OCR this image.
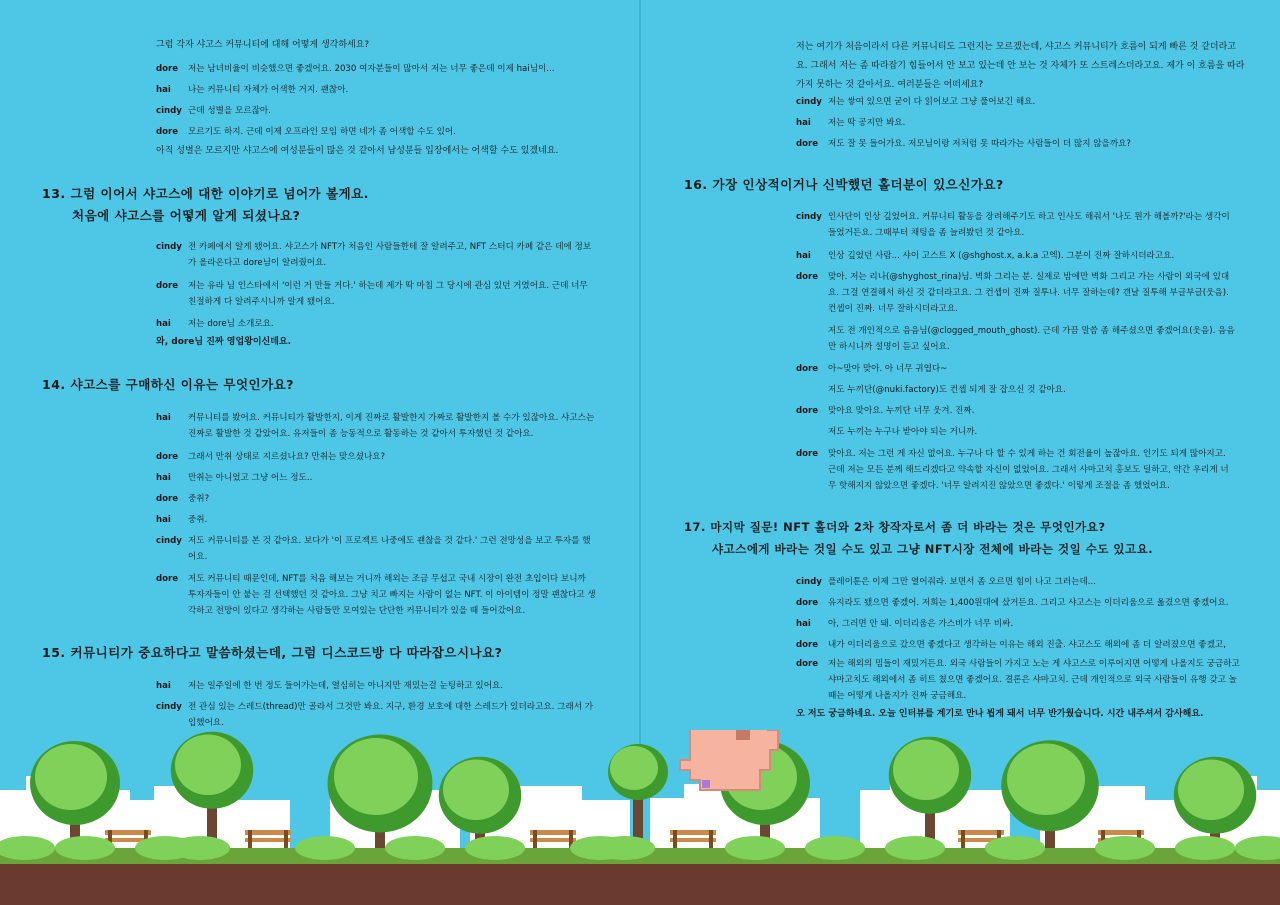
그럼 각자 샤고스 커뮤니티에 대해 어떻게 생각하세요?
dore	저는 남녀비율이 비슷했으면 좋겠어요. 2030 여자분들이 많아서 저는 너무 좋은데 이제 hai님이...
hai	나는 커뮤니티 자체가 어색한 거지. 괜찮아.
cindy 근데 성별을 모르잖아.
dore	모르기도 하지. 근데 이제 오프라인 모임 하면 네가 좀 어색할 수도 있어.
아직 성별은 모르지만 샤고스에 여성분들이 많은 것 같아서 남성분들 입장에서는 어색할 수도 있겠네요.
13. 그럼 이어서 샤고스에 대한 이야기로 넘어가 볼게요.
처음에 샤고스를 어떻게 알게 되셨나요?
cindy 전 카페에서 알게 됐어요. 샤고스가 NFT가 처음인 사람들한테 잘 알려주고, NFT 스터디 카페 같은 데에 정보가 올라온다고 dore님이 알려줬어요.
dore	저는 유라 님 인스타에서 '이런 거 만들 거다.' 하는데 제가 딱 마침 그 당시에 관심 있던 거였어요. 근데 너무 친절하게 다 알려주시니까 알게 됐어요.
hai	저는 dore님 소개로요.
와, dore님 진짜 영업왕이신데요.
14. 샤고스를 구매하신 이유는 무엇인가요?
hai	커뮤니티를 봤어요. 커뮤니티가 활발한지, 이게 진짜로 활발한지 가짜로 활발한지 볼 수가 있잖아요. 샤고스는 진짜로 활발한 것 같았어요. 유저들이 좀 능동적으로 활동하는 것 같아서 투자했던 것 같아요.
dore	그래서 만취 상태로 지르셨나요? 만취는 맞으셨나요?
hai	만취는 아니었고 그냥 어느 정도..
dore	중취?
hai	중취.
cindy 저도 커뮤니티를 본 것 같아요. 보다가 '이 프로젝트 나중에도 괜찮을 것 같다.' 그런 전망성을 보고 투자를 했어요.
dore	저도 커뮤니티 때문인데, NFT를 처음 해보는 거니까 해외는 조금 무섭고 국내 시장이 완전 초입이다 보니까 투자자들이 안 붙는 걸 선택했던 것 같아요. 그냥 치고 빠지는 사람이 없는 NFT. 이 아이템이 정말 괜찮다고 생각하고 전망이 있다고 생각하는 사람들만 모여있는 단단한 커뮤니티가 있을 때 들어갔어요.
15. 커뮤니티가 중요하다고 말씀하셨는데, 그럼 디스코드방 다 따라잡으시나요?
hai	저는 일주일에 한 번 정도 들어가는데, 열심히는 아니지만 재밌는걸 눈팅하고 있어요.
cindy 전 관심 있는 스레드(thread)만 골라서 그것만 봐요. 지구, 환경 보호에 대한 스레드가 있더라고요. 그래서 가입했어요.
저는 여기가 처음이라서 다른 커뮤니티도 그런지는 모르겠는데, 샤고스 커뮤니티가 흐름이 되게 빠른 것 같더라고요. 그래서 저는 좀 따라잡기 힘들어서 안 보고 있는데 안 보는 것 자체가 또 스트레스더라고요. 제가 이 흐름을 따라가지 못하는 것 같아서요. 여러분들은 어떠세요?
cindy 저는 쌓여 있으면 굳이 다 읽어보고 그냥 풀어보긴 해요.
hai	저는 딱 공지만 봐요.
dore	저도 잘 못 들어가요. 저모님이랑 저처럼 못 따라가는 사람들이 더 많지 않을까요?
16. 가장 인상적이거나 신박했던 홀더분이 있으신가요?
cindy 인사단이 인상 깊었어요. 커뮤니티 활동을 장려해주기도 하고 인사도 해줘서 '나도 뭔가 해볼까?'라는 생각이 들었거든요. 그때부터 채팅을 좀 늘려봤던 것 같아요.
hai	인상 깊었던 사람... 샤이 고스트 X (@shghost.x, a.k.a 고엑). 그분이 진짜 잘하시더라고요.
dore	맞아. 저는 리나(@shyghost_rina)님. 벽화 그리는 분. 실제로 밤에만 벽화 그리고 가는 사람이 외국에 있대요. 그걸 연결해서 하신 것 같더라고요. 그 컨셉이 진짜 질투나. 너무 잘하는데? 갠날 질투해 부글부글(웃음). 컨셉이 진짜. 너무 잘하시더라고요.
저도 전 개인적으로 음음님(@clogged_mouth_ghost). 근데 가끔 말씀 좀 해주셨으면 좋겠어요(웃음). 음음만 하시니까 설명이 듣고 싶어요.
dore	아~맞아 맞아. 아 너무 귀엽다~
저도 누끼단(@nuki.factory)도 컨셉 되게 잘 잡으신 것 같아요.
dore	맞아요 맞아요. 누끼단 너무 웃겨. 진짜.
저도 누끼는 누구나 받아야 되는 거니까.
dore	맞아요. 저는 그런 게 자신 없어요. 누구나 다 할 수 있게 하는 건 회전율이 높잖아요. 인기도 되게 많아지고. 근데 저는 모든 분께 해드리겠다고 약속할 자신이 없었어요. 그래서 샤마고치 홍보도 덜하고, 약간 우리게 너무 핫해지지 않았으면 좋겠다. '너무 알려지진 않았으면 좋겠다.' 이렇게 조절을 좀 했었어요.
17. 마지막 질문! NFT 홀더와 2차 창작자로서 좀 더 바라는 것은 무엇인가요?
샤고스에게 바라는 것일 수도 있고 그냥 NFT시장 전체에 바라는 것일 수도 있고요.
cindy 플레이툰은 이제 그만 열어줘라. 보면서 좀 오르면 힘이 나고 그러는데...
dore	유지라도 됐으면 좋겠어. 저희는 1,400원대에 샀거든요. 그리고 샤고스는 이더리움으로 옮겼으면 좋겠어요.
hai	아, 그러면 안 돼. 이더리움은 가스비가 너무 비싸.
dore	내가 이더리움으로 갔으면 좋겠다고 생각하는 이유는 해외 진출. 샤고스도 해외에 좀 더 알려졌으면 좋겠고,
dore	저는 해외의 밈들이 재밌거든요. 외국 사람들이 가지고 노는 게 샤고스로 이루어지면 어떻게 나올지도 궁금하고 샤마고치도 해외에서 좀 히트 쳤으면 좋겠어요. 결론은 샤마고치. 근데 개인적으로 외국 사람들이 유행 갖고 놀 때는 어떻게 나올지가 진짜 궁금해요.
오 저도 궁금하네요. 오늘 인터뷰를 계기로 만나 뵙게 돼서 너무 반가웠습니다. 시간 내주셔서 감사해요.
